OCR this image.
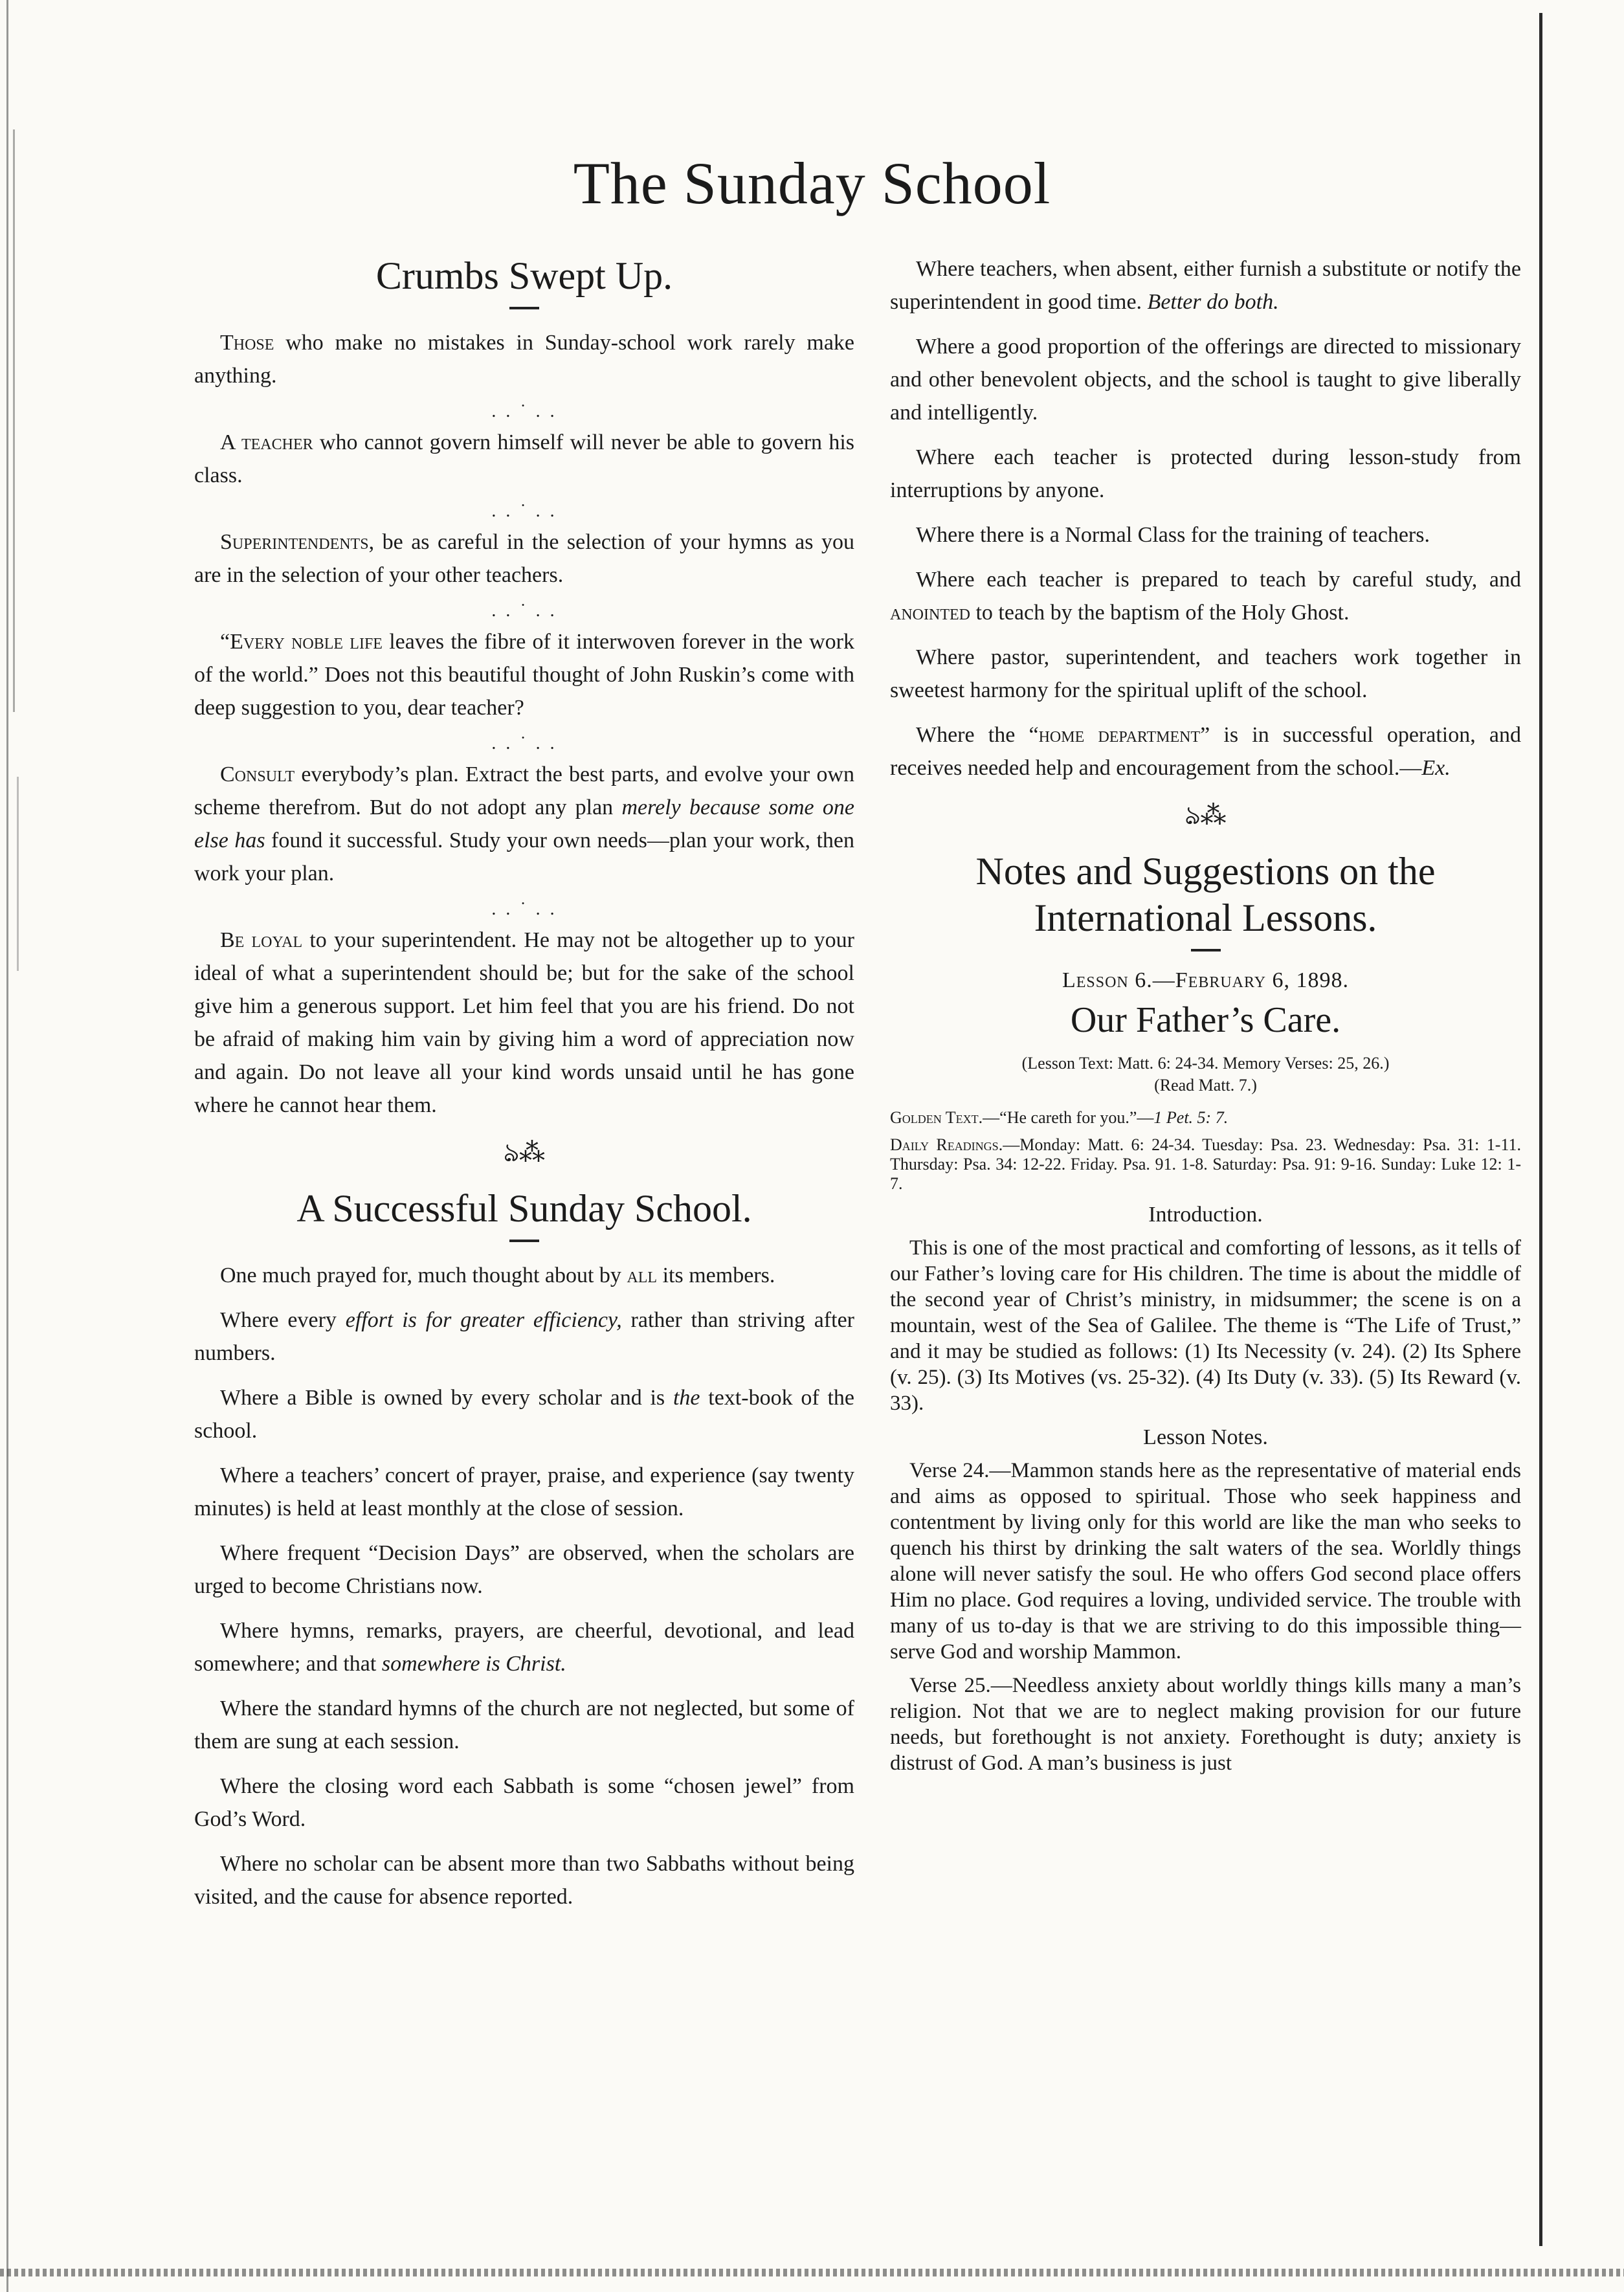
The Sunday School
Crumbs Swept Up.

Those who make no mistakes in Sunday-school work rarely make anything.

. . ˙ . .

A teacher who cannot govern himself will never be able to govern his class.

. . ˙ . .

Superintendents, be as careful in the selection of your hymns as you are in the selection of your other teachers.

. . ˙ . .

“Every noble life leaves the fibre of it interwoven forever in the work of the world.” Does not this beautiful thought of John Ruskin’s come with deep suggestion to you, dear teacher?

. . ˙ . .

Consult everybody’s plan. Extract the best parts, and evolve your own scheme therefrom. But do not adopt any plan merely because some one else has found it successful. Study your own needs—plan your work, then work your plan.

. . ˙ . .

Be loyal to your superintendent. He may not be altogether up to your ideal of what a superintendent should be; but for the sake of the school give him a generous support. Let him feel that you are his friend. Do not be afraid of making him vain by giving him a word of appreciation now and again. Do not leave all your kind words unsaid until he has gone where he cannot hear them.

ঌ⁂
A Successful Sunday School.

One much prayed for, much thought about by all its members.

Where every effort is for greater efficiency, rather than striving after numbers.

Where a Bible is owned by every scholar and is the text-book of the school.

Where a teachers’ concert of prayer, praise, and experience (say twenty minutes) is held at least monthly at the close of session.

Where frequent “Decision Days” are observed, when the scholars are urged to become Christians now.

Where hymns, remarks, prayers, are cheerful, devotional, and lead somewhere; and that somewhere is Christ.

Where the standard hymns of the church are not neglected, but some of them are sung at each session.

Where the closing word each Sabbath is some “chosen jewel” from God’s Word.

Where no scholar can be absent more than two Sabbaths without being visited, and the cause for absence reported.

Where teachers, when absent, either furnish a substitute or notify the superintendent in good time. Better do both.

Where a good proportion of the offerings are directed to missionary and other benevolent objects, and the school is taught to give liberally and intelligently.

Where each teacher is protected during lesson-study from interruptions by anyone.

Where there is a Normal Class for the training of teachers.

Where each teacher is prepared to teach by careful study, and anointed to teach by the baptism of the Holy Ghost.

Where pastor, superintendent, and teachers work together in sweetest harmony for the spiritual uplift of the school.

Where the “home department” is in successful operation, and receives needed help and encouragement from the school.—Ex.

ঌ⁂
Notes and Suggestions on the
International Lessons.
Lesson 6.—February 6, 1898.
Our Father’s Care.
(Lesson Text: Matt. 6: 24-34. Memory Verses: 25, 26.)
(Read Matt. 7.)

Golden Text.—“He careth for you.”—1 Pet. 5: 7.

Daily Readings.—Monday: Matt. 6: 24-34. Tuesday: Psa. 23. Wednesday: Psa. 31: 1-11. Thursday: Psa. 34: 12-22. Friday. Psa. 91. 1-8. Saturday: Psa. 91: 9-16. Sunday: Luke 12: 1-7.

Introduction.

This is one of the most practical and comforting of lessons, as it tells of our Father’s loving care for His children. The time is about the middle of the second year of Christ’s ministry, in midsummer; the scene is on a mountain, west of the Sea of Galilee. The theme is “The Life of Trust,” and it may be studied as follows: (1) Its Necessity (v. 24). (2) Its Sphere (v. 25). (3) Its Motives (vs. 25-32). (4) Its Duty (v. 33). (5) Its Reward (v. 33).

Lesson Notes.

Verse 24.—Mammon stands here as the representative of material ends and aims as opposed to spiritual. Those who seek happiness and contentment by living only for this world are like the man who seeks to quench his thirst by drinking the salt waters of the sea. Worldly things alone will never satisfy the soul. He who offers God second place offers Him no place. God requires a loving, undivided service. The trouble with many of us to-day is that we are striving to do this impossible thing—serve God and worship Mammon.

Verse 25.—Needless anxiety about worldly things kills many a man’s religion. Not that we are to neglect making provision for our future needs, but forethought is not anxiety. Forethought is duty; anxiety is distrust of God. A man’s business is just
